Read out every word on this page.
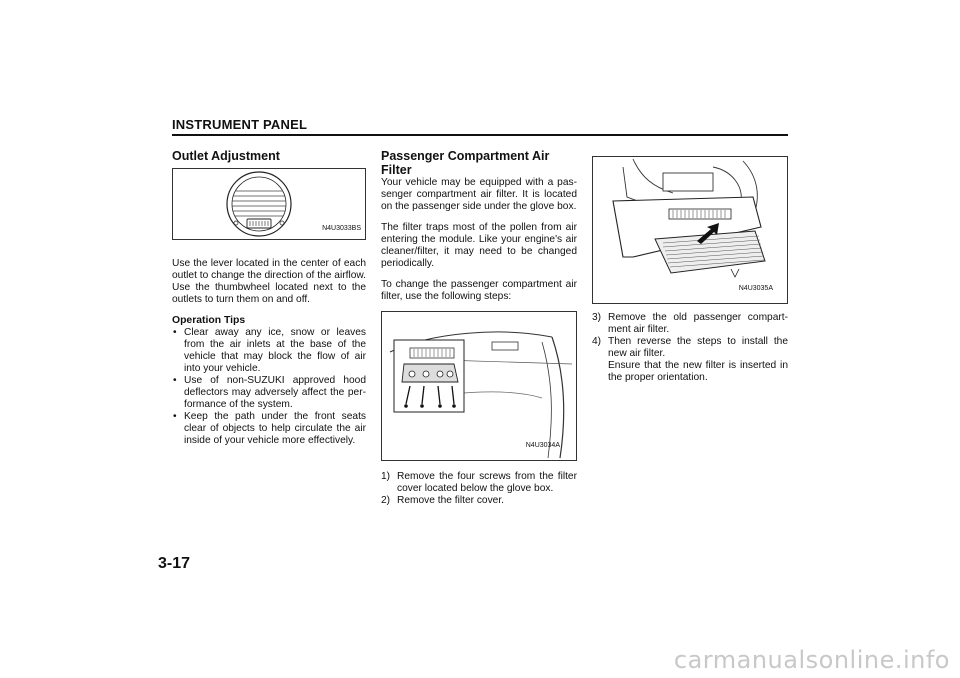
INSTRUMENT PANEL
Outlet Adjustment
N4U3033BS

Use the lever located in the center of each outlet to change the direction of the airflow. Use the thumbwheel located next to the outlets to turn them on and off.

Operation Tips
• Clear away any ice, snow or leaves from the air inlets at the base of the vehicle that may block the flow of air into your vehicle.
• Use of non-SUZUKI approved hood deflectors may adversely affect the per-formance of the system.
• Keep the path under the front seats clear of objects to help circulate the air inside of your vehicle more effectively.
Passenger Compartment Air Filter

Your vehicle may be equipped with a pas-senger compartment air filter. It is located on the passenger side under the glove box.

The filter traps most of the pollen from air entering the module. Like your engine's air cleaner/filter, it may need to be changed periodically.

To change the passenger compartment air filter, use the following steps:

N4U3034A
1) Remove the four screws from the filter cover located below the glove box.
2) Remove the filter cover.
N4U3035A
3) Remove the old passenger compart-ment air filter.
4) Then reverse the steps to install the new air filter.
Ensure that the new filter is inserted in the proper orientation.
3-17
carmanualsonline.info
